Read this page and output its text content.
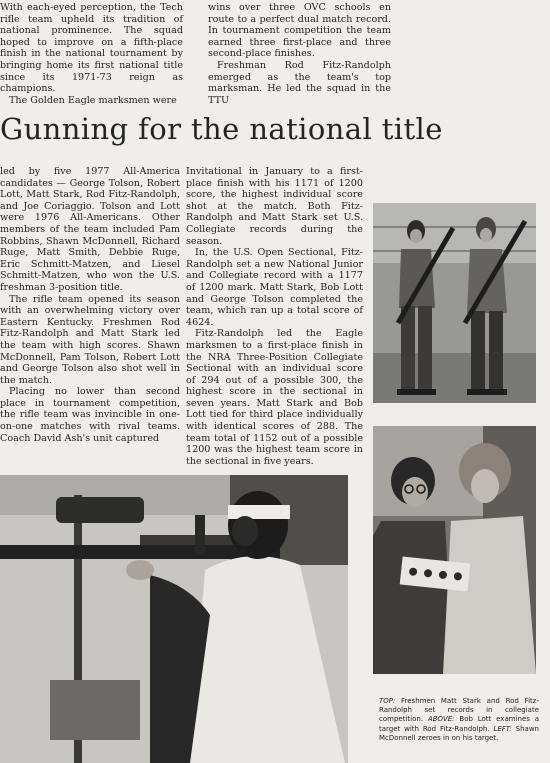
With each-eyed perception, the Tech rifle team upheld its tradition of national prominence. The squad hoped to improve on a fifth-place finish in the national tournament by bringing home its first national title since its 1971-73 reign as champions.

The Golden Eagle marksmen were

wins over three OVC schools en route to a perfect dual match record. In tournament competition the team earned three first-place and three second-place finishes.

Freshman Rod Fitz-Randolph emerged as the team's top marksman. He led the squad in the TTU

Gunning for the national title

led by five 1977 All-America candidates — George Tolson, Robert Lott, Matt Stark, Rod Fitz-Randolph, and Joe Coriaggio. Tolson and Lott were 1976 All-Americans. Other members of the team included Pam Robbins, Shawn McDonnell, Richard Ruge, Matt Smith, Debbie Ruge, Eric Schmitt-Matzen, and Liesel Schmitt-Matzen, who won the U.S. freshman 3-position title.

The rifle team opened its season with an overwhelming victory over Eastern Kentucky. Freshmen Rod Fitz-Randolph and Matt Stark led the team with high scores. Shawn McDonnell, Pam Tolson, Robert Lott and George Tolson also shot well in the match.

Placing no lower than second place in tournament competition, the rifle team was invincible in one-on-one matches with rival teams. Coach David Ash's unit captured

Invitational in January to a first-place finish with his 1171 of 1200 score, the highest individual score shot at the match. Both Fitz-Randolph and Matt Stark set U.S. Collegiate records during the season.

In, the U.S. Open Sectional, Fitz-Randolph set a new National Junior and Collegiate record with a 1177 of 1200 mark. Matt Stark, Bob Lott and George Tolson completed the team, which ran up a total score of 4624.

Fitz-Randolph led the Eagle marksmen to a first-place finish in the NRA Three-Position Collegiate Sectional with an individual score of 294 out of a possible 300, the highest score in the sectional in seven years. Matt Stark and Bob Lott tied for third place individually with identical scores of 288. The team total of 1152 out of a possible 1200 was the highest team score in the sectional in five years.

TOP: Freshmen Matt Stark and Rod Fitz-Randolph set records in collegiate competition. ABOVE: Bob Lott examines a target with Rod Fitz-Randolph. LEFT: Shawn McDonnell zeroes in on his target.
